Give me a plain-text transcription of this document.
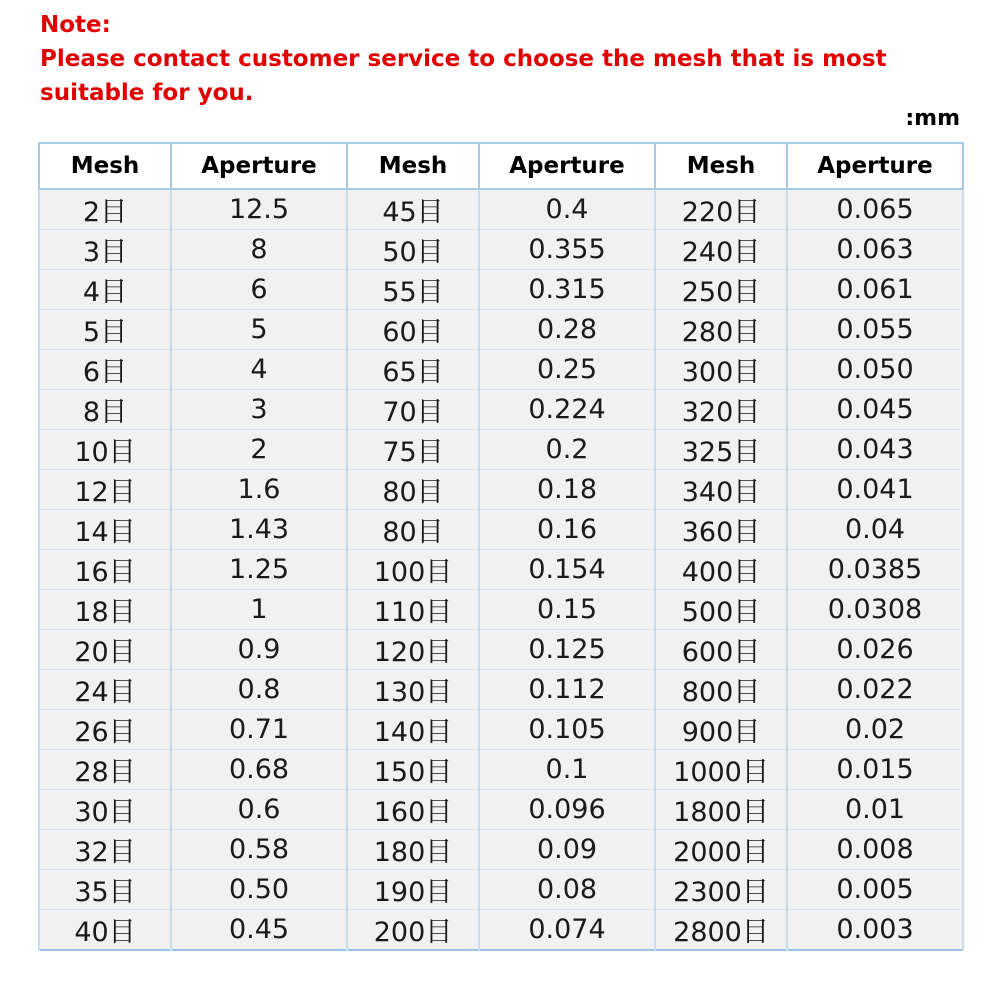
Note:

Please contact customer service to choose the mesh that is most suitable for you.

:mm
Mesh	Aperture	Mesh	Aperture	Mesh	Aperture
2目	12.5	45目	0.4	220目	0.065
3目	8	50目	0.355	240目	0.063
4目	6	55目	0.315	250目	0.061
5目	5	60目	0.28	280目	0.055
6目	4	65目	0.25	300目	0.050
8目	3	70目	0.224	320目	0.045
10目	2	75目	0.2	325目	0.043
12目	1.6	80目	0.18	340目	0.041
14目	1.43	80目	0.16	360目	0.04
16目	1.25	100目	0.154	400目	0.0385
18目	1	110目	0.15	500目	0.0308
20目	0.9	120目	0.125	600目	0.026
24目	0.8	130目	0.112	800目	0.022
26目	0.71	140目	0.105	900目	0.02
28目	0.68	150目	0.1	1000目	0.015
30目	0.6	160目	0.096	1800目	0.01
32目	0.58	180目	0.09	2000目	0.008
35目	0.50	190目	0.08	2300目	0.005
40目	0.45	200目	0.074	2800目	0.003
